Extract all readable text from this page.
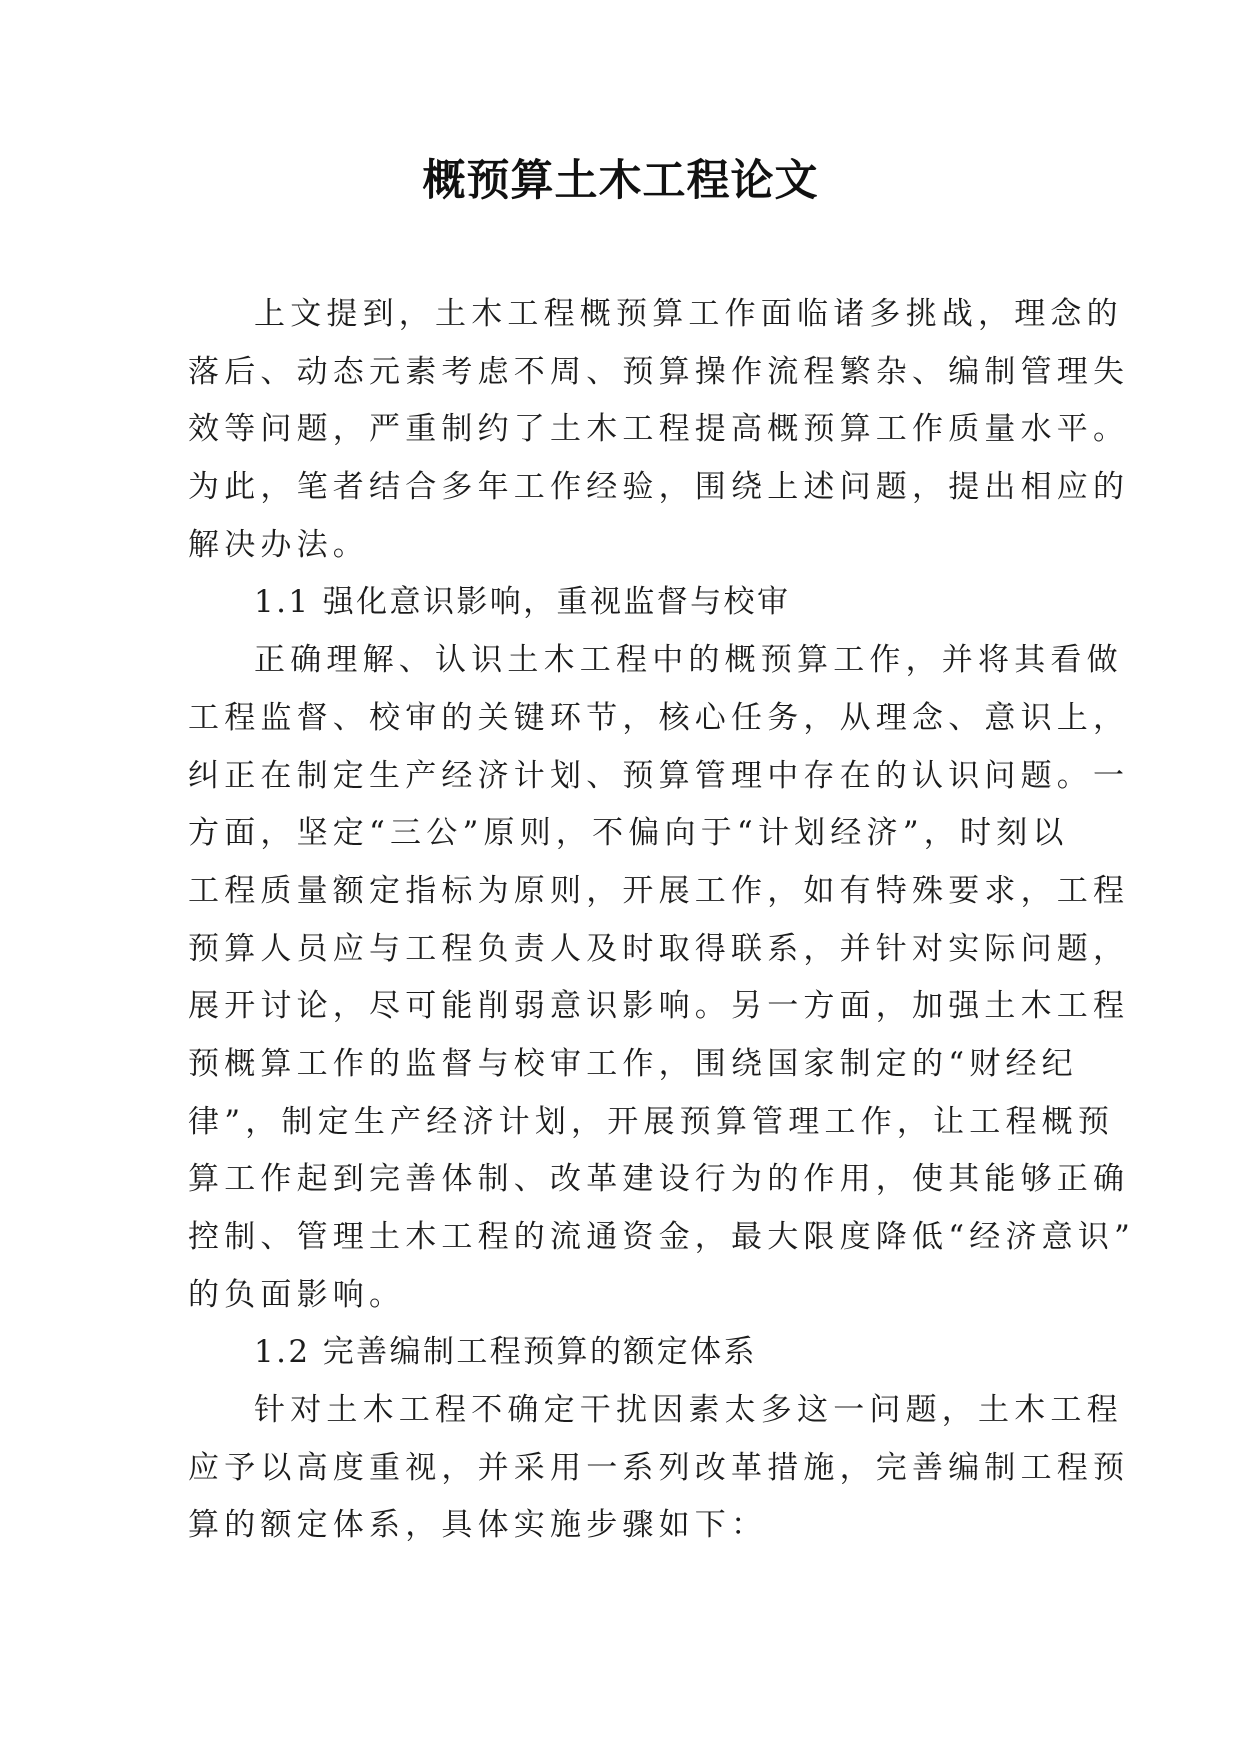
概预算土木工程论文
上文提到，土木工程概预算工作面临诸多挑战，理念的
落后、动态元素考虑不周、预算操作流程繁杂、编制管理失
效等问题，严重制约了土木工程提高概预算工作质量水平。
为此，笔者结合多年工作经验，围绕上述问题，提出相应的
解决办法。
1.1 强化意识影响，重视监督与校审
正确理解、认识土木工程中的概预算工作，并将其看做
工程监督、校审的关键环节，核心任务，从理念、意识上，
纠正在制定生产经济计划、预算管理中存在的认识问题。一
方面，坚定“三公”原则，不偏向于“计划经济”，时刻以
工程质量额定指标为原则，开展工作，如有特殊要求，工程
预算人员应与工程负责人及时取得联系，并针对实际问题，
展开讨论，尽可能削弱意识影响。另一方面，加强土木工程
预概算工作的监督与校审工作，围绕国家制定的“财经纪
律”，制定生产经济计划，开展预算管理工作，让工程概预
算工作起到完善体制、改革建设行为的作用，使其能够正确
控制、管理土木工程的流通资金，最大限度降低“经济意识”
的负面影响。
1.2 完善编制工程预算的额定体系
针对土木工程不确定干扰因素太多这一问题，土木工程
应予以高度重视，并采用一系列改革措施，完善编制工程预
算的额定体系，具体实施步骤如下：
